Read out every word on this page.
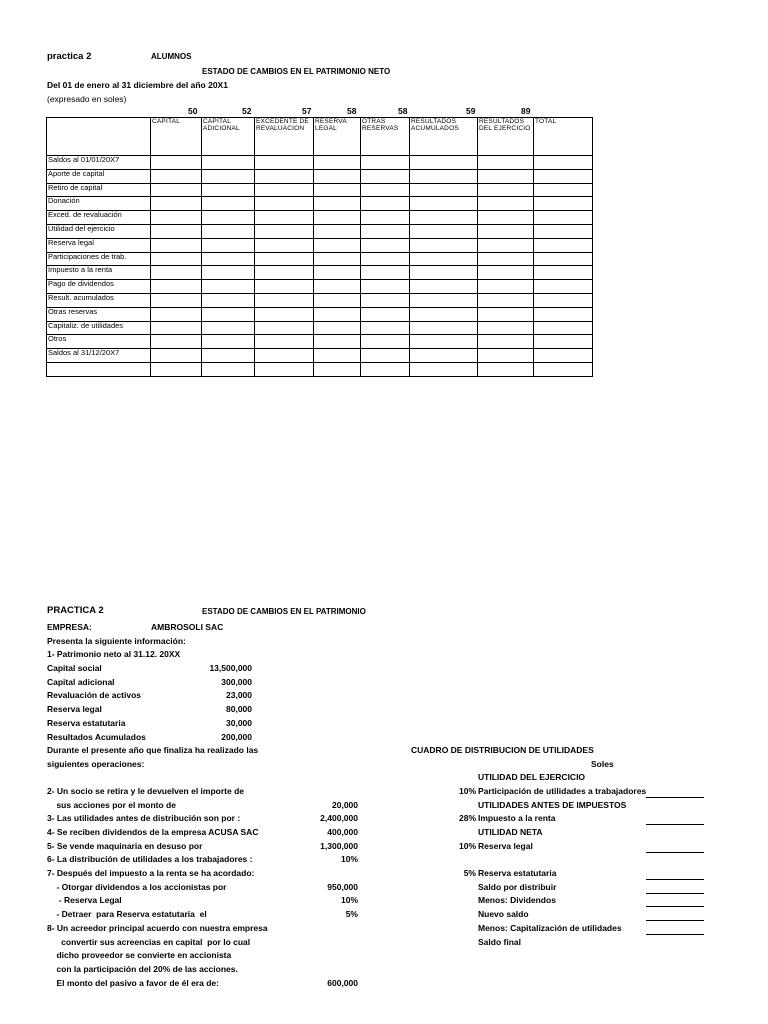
practica 2	ALUMNOS
ESTADO DE CAMBIOS EN EL PATRIMONIO NETO
Del 01 de enero al 31 diciembre del año 20X1
(expresado en soles)
50	52	57	58	58	59	89
	CAPITAL	CAPITAL ADICIONAL	EXCEDENTE DE REVALUACION	RESERVA LEGAL	OTRAS RESERVAS	RESULTADOS ACUMULADOS	RESULTADOS DEL EJERCICIO	TOTAL
Saldos al 01/01/20X7								
Aporte de capital								
Retiro de capital								
Donación								
Exced. de revaluación								
Utilidad del ejercicio								
Reserva legal								
Participaciones de trab.								
Impuesto a la renta								
Pago de dividendos								
Result. acumulados								
Otras reservas								
Capitaliz. de utilidades								
Otros								
Saldos al 31/12/20X7								

PRACTICA 2	ESTADO DE CAMBIOS EN EL PATRIMONIO
EMPRESA:	AMBROSOLI SAC
Presenta la siguiente información:
1- Patrimonio neto al 31.12. 20XX
Capital social	13,500,000
Capital adicional	300,000
Revaluación de activos	23,000
Reserva legal	80,000
Reserva estatutaria	30,000
Resultados Acumulados	200,000
Durante el presente año que finaliza ha realizado las
siguientes operaciones:
2- Un socio se retira y le devuelven el importe de
sus acciones por el monto de	20,000
3- Las utilidades antes de distribución son por :	2,400,000
4- Se reciben dividendos de la empresa ACUSA SAC	400,000
5- Se vende maquinaria en desuso por	1,300,000
6- La distribución de utilidades a los trabajadores :	10%
7- Después del impuesto a la renta se ha acordado:
- Otorgar dividendos a los accionistas por	950,000
- Reserva Legal	10%
- Detraer  para Reserva estatutaria  el	5%
8- Un acreedor principal acuerdo con nuestra empresa
convertir sus acreencias en capital  por lo cual
dicho proveedor se convierte en accionista
con la participación del 20% de las acciones.
El monto del pasivo a favor de él era de:	600,000
CUADRO DE DISTRIBUCION DE UTILIDADES
Soles
UTILIDAD DEL EJERCICIO
10% Participación de utilidades a trabajadores
UTILIDADES ANTES DE IMPUESTOS
28% Impuesto a la renta
UTILIDAD NETA
10% Reserva legal
5% Reserva estatutaria
Saldo por distribuir
Menos: Dividendos
Nuevo saldo
Menos: Capitalización de utilidades
Saldo final
